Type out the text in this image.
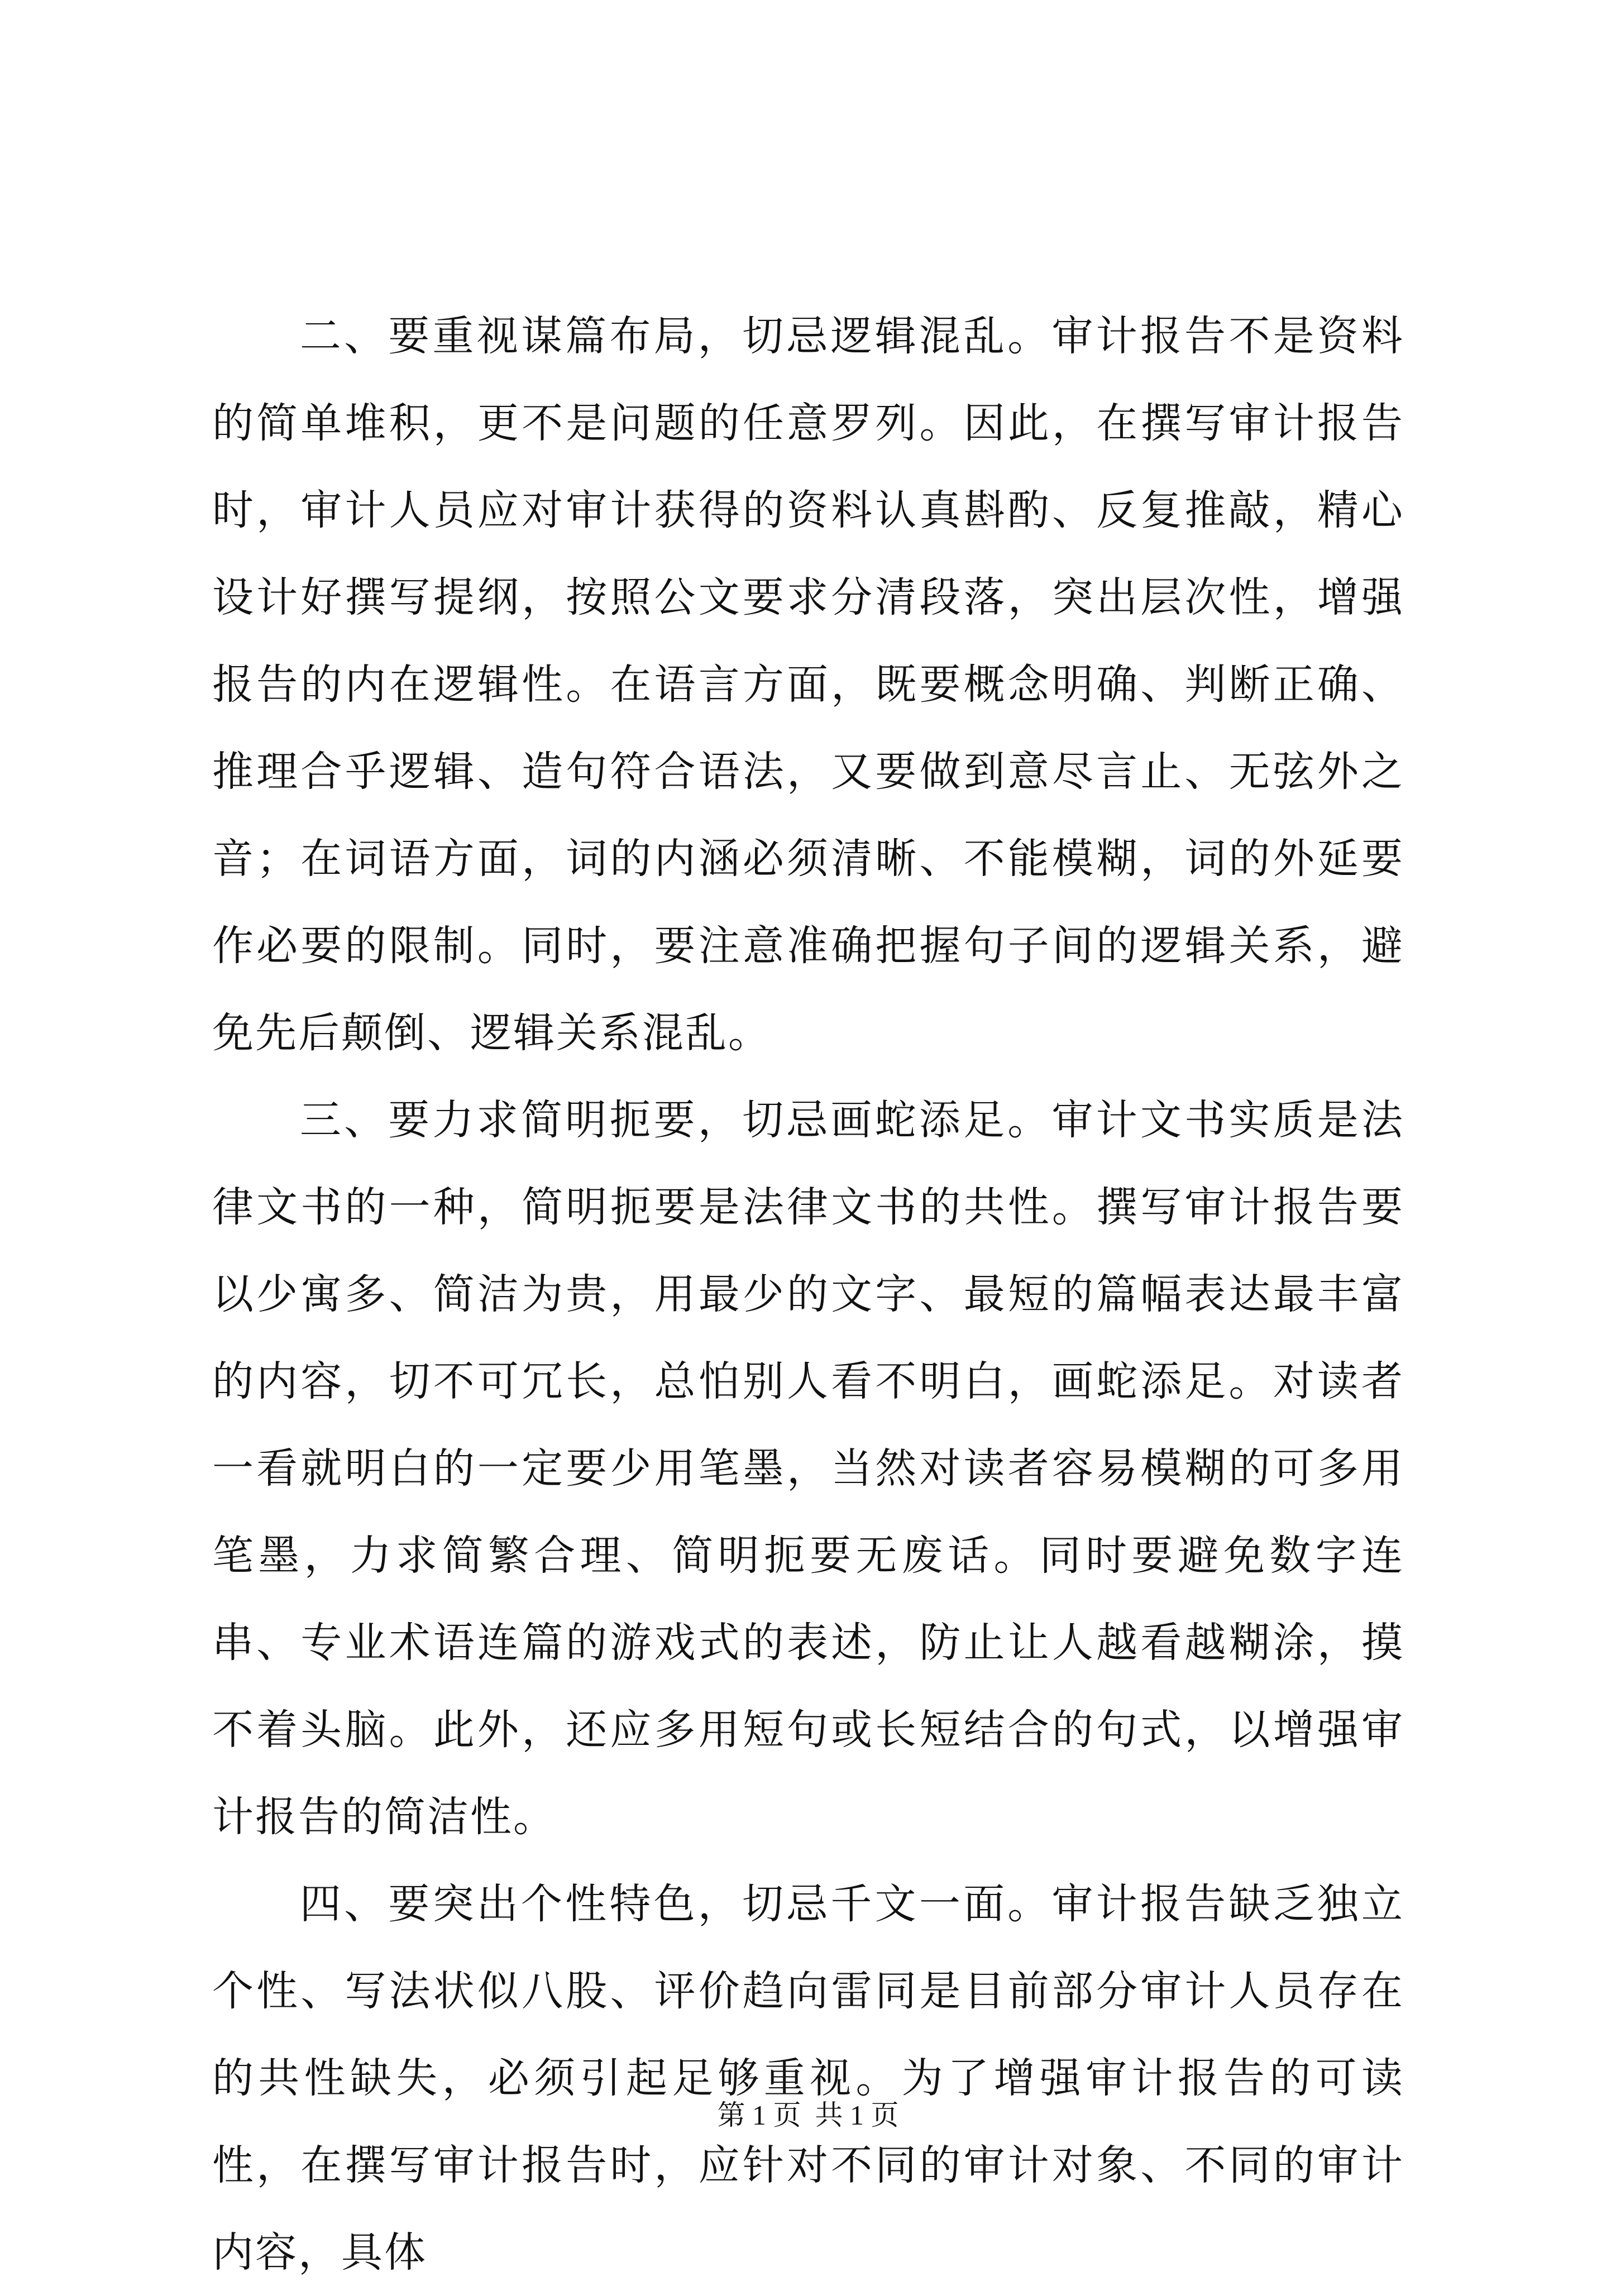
二、要重视谋篇布局，切忌逻辑混乱。审计报告不是资料的简单堆积，更不是问题的任意罗列。因此，在撰写审计报告时，审计人员应对审计获得的资料认真斟酌、反复推敲，精心设计好撰写提纲，按照公文要求分清段落，突出层次性，增强报告的内在逻辑性。在语言方面，既要概念明确、判断正确、推理合乎逻辑、造句符合语法，又要做到意尽言止、无弦外之音；在词语方面，词的内涵必须清晰、不能模糊，词的外延要作必要的限制。同时，要注意准确把握句子间的逻辑关系，避免先后颠倒、逻辑关系混乱。

三、要力求简明扼要，切忌画蛇添足。审计文书实质是法律文书的一种，简明扼要是法律文书的共性。撰写审计报告要以少寓多、简洁为贵，用最少的文字、最短的篇幅表达最丰富的内容，切不可冗长，总怕别人看不明白，画蛇添足。对读者一看就明白的一定要少用笔墨，当然对读者容易模糊的可多用笔墨，力求简繁合理、简明扼要无废话。同时要避免数字连串、专业术语连篇的游戏式的表述，防止让人越看越糊涂，摸不着头脑。此外，还应多用短句或长短结合的句式，以增强审计报告的简洁性。

四、要突出个性特色，切忌千文一面。审计报告缺乏独立个性、写法状似八股、评价趋向雷同是目前部分审计人员存在的共性缺失，必须引起足够重视。为了增强审计报告的可读性，在撰写审计报告时，应针对不同的审计对象、不同的审计内容，具体

第 1 页  共 1 页
